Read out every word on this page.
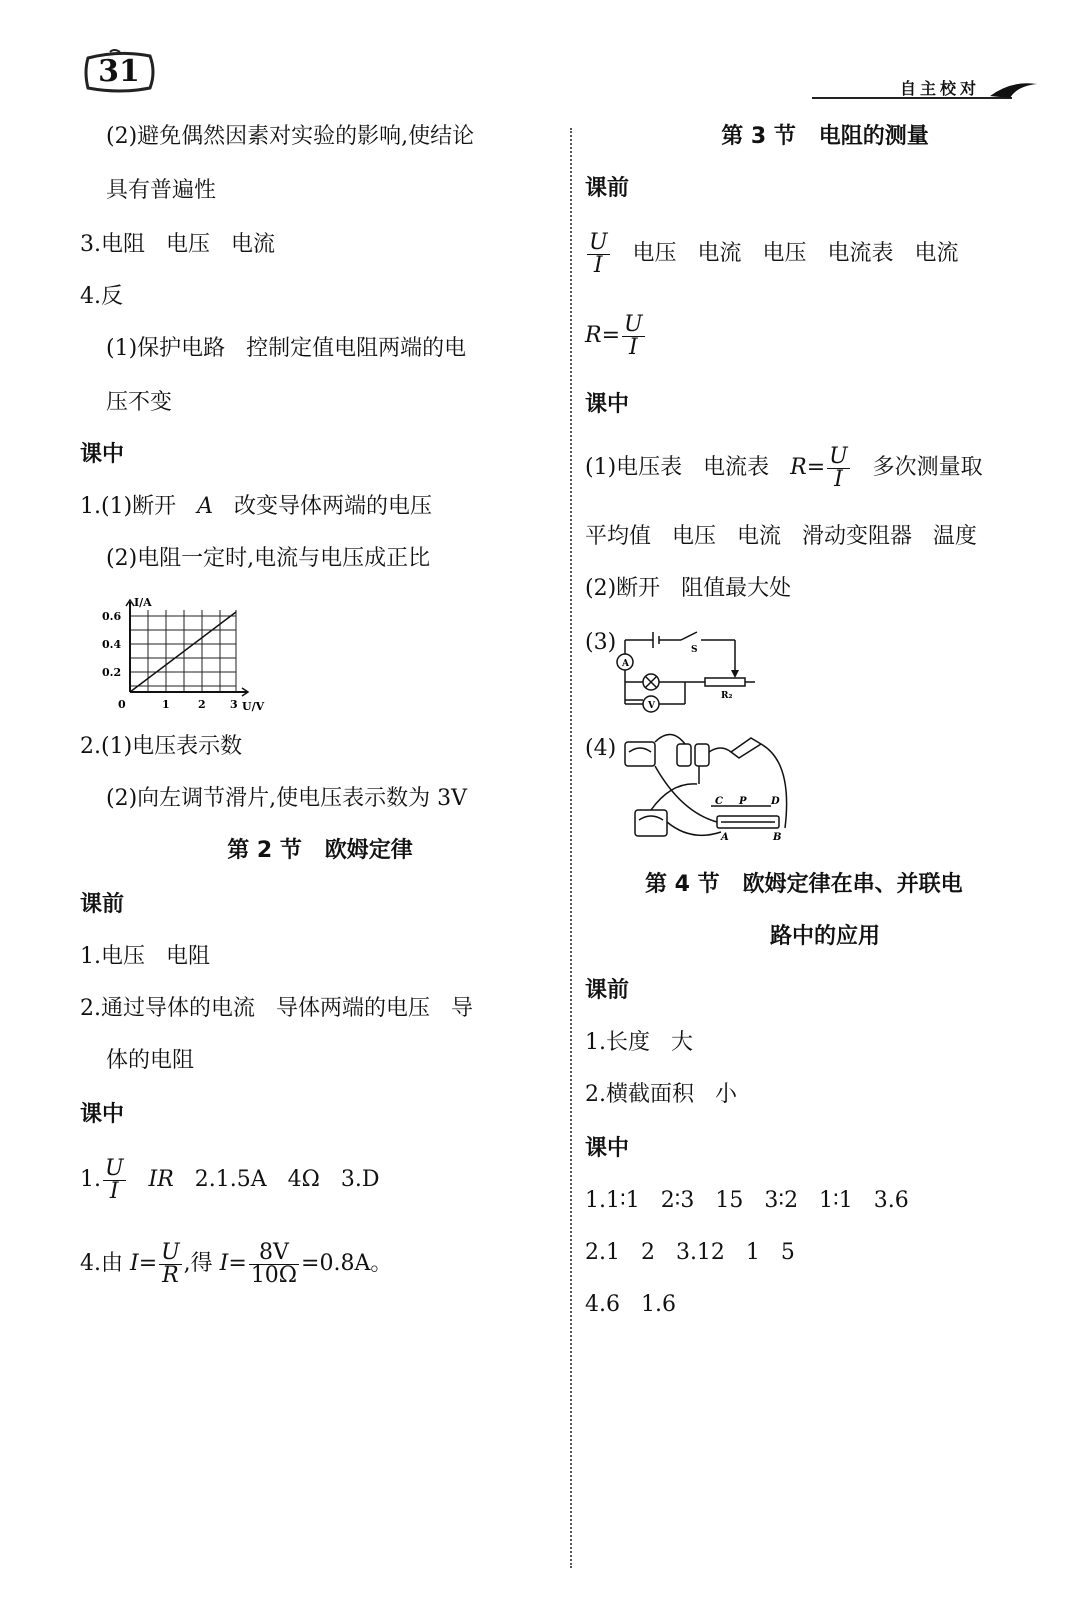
31	自主校对
(2)避免偶然因素对实验的影响,使结论
具有普遍性
3.电阻   电压   电流
4.反
(1)保护电路   控制定值电阻两端的电
压不变
课中
1.(1)断开   A   改变导体两端的电压
(2)电阻一定时,电流与电压成正比
I/A
U/V
0.6
0.4
0.2
0	1	2 3
2.(1)电压表示数
(2)向左调节滑片,使电压表示数为 3V
第 2 节   欧姆定律
课前
1.电压   电阻
2.通过导体的电流   导体两端的电压   导
体的电阻
课中
1. $\frac{U}{I}$ IR   2.1.5A   4Ω   3.D
4.由 $I= \frac{U}{R}$ ,得 $I= \frac{8V}{10\Omega} =0.8A$。
第 3 节   电阻的测量
课前
$\frac{U}{I}$ 电压   电流   电压   电流表   电流
$R= \frac{U}{I}$
课中
(1)电压表   电流表   $R= \frac{U}{I}$ 多次测量取
平均值   电压   电流   滑动变阻器   温度
(2)断开   阻值最大处
(3)
A
V
S
R₂
(4)
C P D
A	B
第 4 节   欧姆定律在串、并联电
路中的应用
课前
1.长度   大
2.横截面积   小
课中
1.1∶1   2∶3   15   3∶2   1∶1   3.6
2.1   2   3.12   1   5
4.6   1.6
